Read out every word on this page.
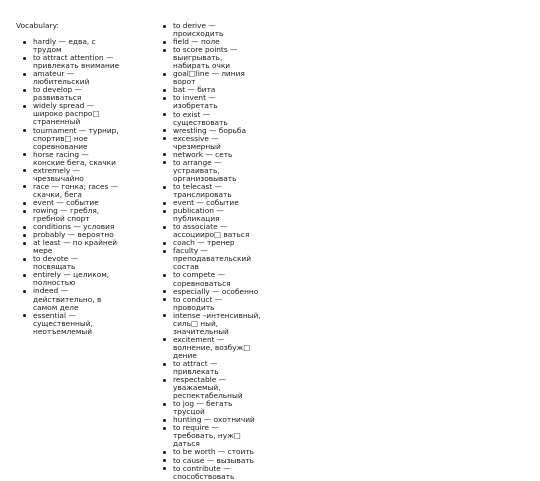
Vocabulary:
hardly — едва, с трудом
to attract attention — привлекать внимание
amateur — любительский
to develop — развиваться
widely spread — широко распро□ страненный
tournament — турнир, спортив□ ное соревнование
horse racing — конские бега, скачки
extremely — чрезвычайно
race — гонка; races — скачки, бега
event — событие
rowing — гребля, гребной спорт
conditions — условия
probably — вероятно
at least — по крайней мере
to devote — посвящать
entirely — целиком, полностью
indeed — действительно, в самом деле
essential — существенный, неотъемлемый
to derive — происходить
field — поле
to score points — выигрывать, набирать очки
goal□line — линия ворот
bat — бита
to invent — изобретать
to exist — существовать
wrestling — борьба
excessive — чрезмерный
network — сеть
to arrange — устраивать, организовывать
to telecast — транслировать
event — событие
publication — публикация
to associate — ассоцииро□ ваться
coach — тренер
faculty — преподавательский состав
to compete — соревноваться
especially — особенно
to conduct — проводить
intense –интенсивный, силь□ ный, значительный
excitement — волнение, возбуж□ дение
to attract — привлекать
respectable — уважаемый, респектабельный
to jog — бегать трусцой
hunting — охотничий
to require — требовать, нуж□ даться
to be worth — стоить
to cause — вызывать
to contribute — способствовать
